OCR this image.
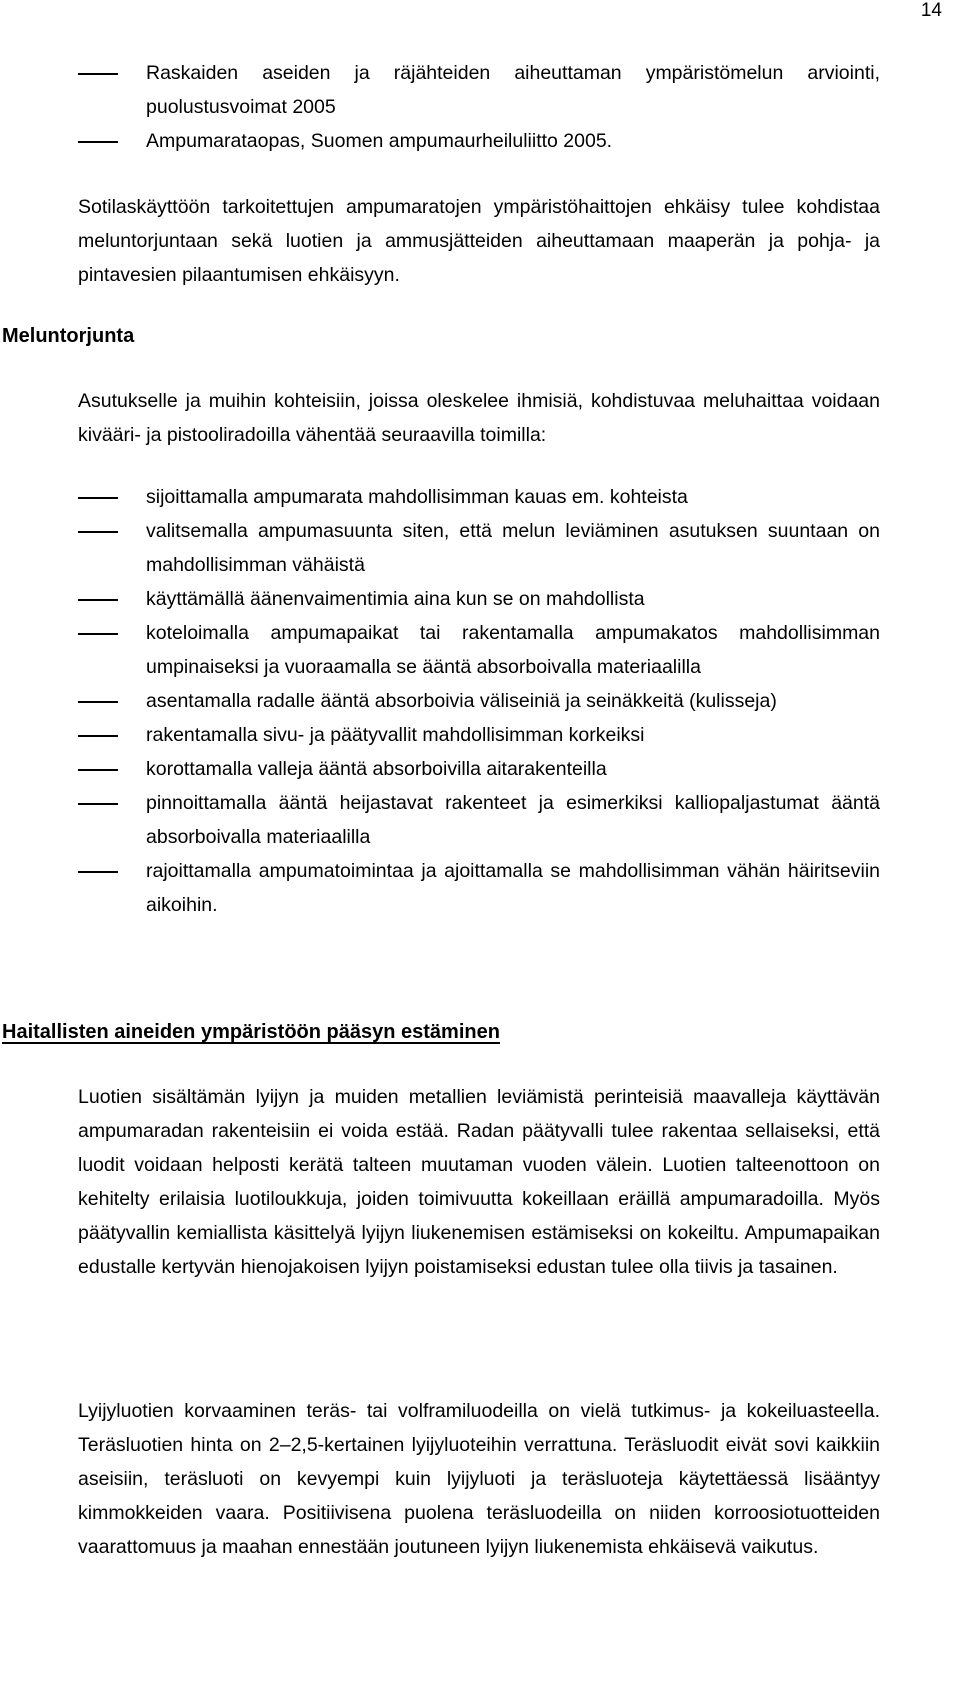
14
Raskaiden aseiden ja räjähteiden aiheuttaman ympäristömelun arviointi, puolustusvoimat 2005
Ampumarataopas, Suomen ampumaurheiluliitto 2005.

Sotilaskäyttöön tarkoitettujen ampumaratojen ympäristöhaittojen ehkäisy tulee kohdistaa meluntorjuntaan sekä luotien ja ammusjätteiden aiheuttamaan maaperän ja pohja- ja pintavesien pilaantumisen ehkäisyyn.

Meluntorjunta

Asutukselle ja muihin kohteisiin, joissa oleskelee ihmisiä, kohdistuvaa meluhaittaa voidaan kivääri- ja pistooliradoilla vähentää seuraavilla toimilla:

sijoittamalla ampumarata mahdollisimman kauas em. kohteista
valitsemalla ampumasuunta siten, että melun leviäminen asutuksen suuntaan on mahdollisimman vähäistä
käyttämällä äänenvaimentimia aina kun se on mahdollista
koteloimalla ampumapaikat tai rakentamalla ampumakatos mahdollisimman umpinaiseksi ja vuoraamalla se ääntä absorboivalla materiaalilla
asentamalla radalle ääntä absorboivia väliseiniä ja seinäkkeitä (kulisseja)
rakentamalla sivu- ja päätyvallit mahdollisimman korkeiksi
korottamalla valleja ääntä absorboivilla aitarakenteilla
pinnoittamalla ääntä heijastavat rakenteet ja esimerkiksi kalliopaljastumat ääntä absorboivalla materiaalilla
rajoittamalla ampumatoimintaa ja ajoittamalla se mahdollisimman vähän häiritseviin aikoihin.
Haitallisten aineiden ympäristöön pääsyn estäminen

Luotien sisältämän lyijyn ja muiden metallien leviämistä perinteisiä maavalleja käyttävän ampumaradan rakenteisiin ei voida estää. Radan päätyvalli tulee rakentaa sellaiseksi, että luodit voidaan helposti kerätä talteen muutaman vuoden välein. Luotien talteenottoon on kehitelty erilaisia luotiloukkuja, joiden toimivuutta kokeillaan eräillä ampumaradoilla. Myös päätyvallin kemiallista käsittelyä lyijyn liukenemisen estämiseksi on kokeiltu. Ampumapaikan edustalle kertyvän hienojakoisen lyijyn poistamiseksi edustan tulee olla tiivis ja tasainen.

Lyijyluotien korvaaminen teräs- tai volframiluodeilla on vielä tutkimus- ja kokeiluasteella. Teräsluotien hinta on 2–2,5-kertainen lyijyluoteihin verrattuna. Teräsluodit eivät sovi kaikkiin aseisiin, teräsluoti on kevyempi kuin lyijyluoti ja teräsluoteja käytettäessä lisääntyy kimmokkeiden vaara. Positiivisena puolena teräsluodeilla on niiden korroosiotuotteiden vaarattomuus ja maahan ennestään joutuneen lyijyn liukenemista ehkäisevä vaikutus.
